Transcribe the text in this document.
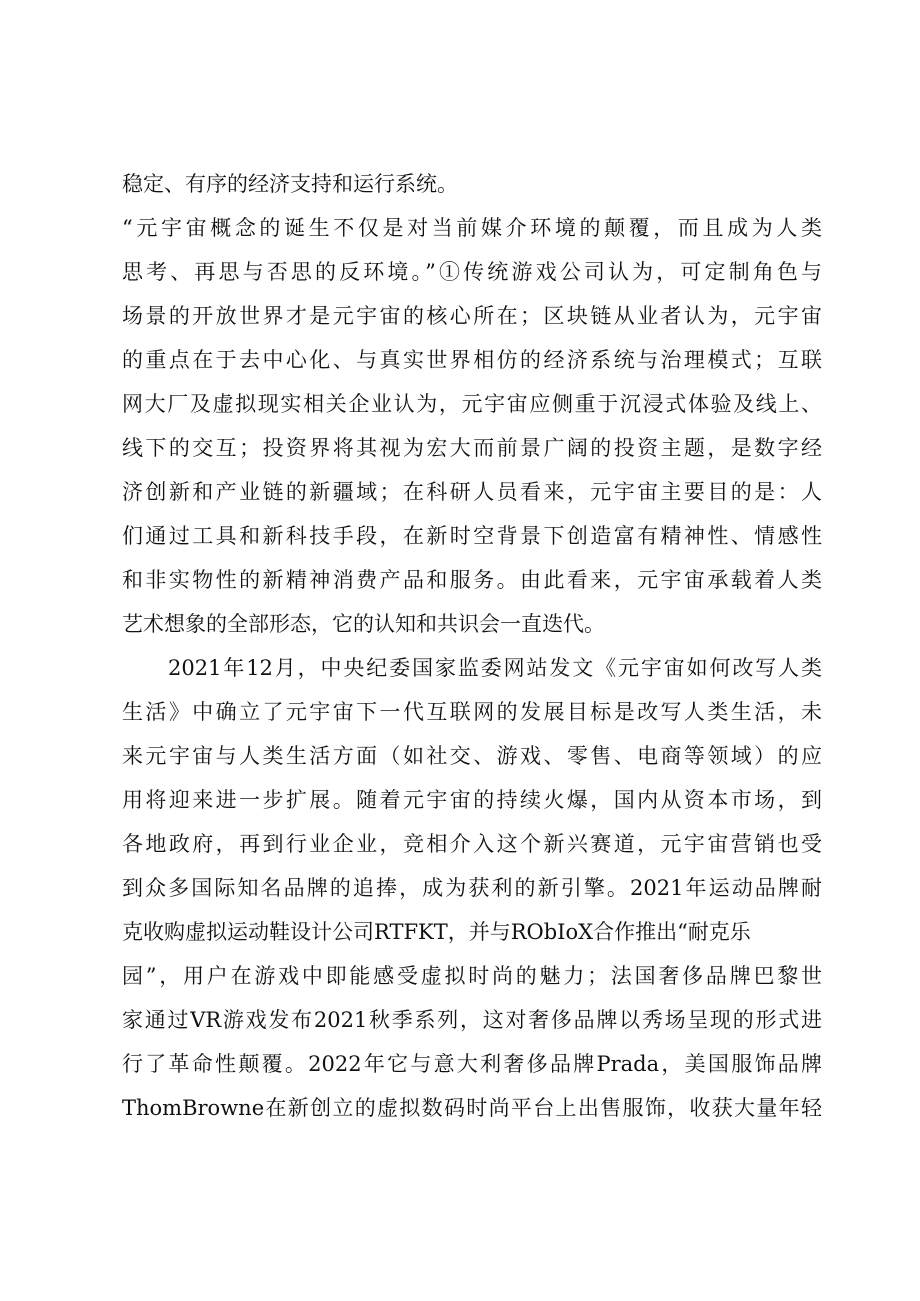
稳定、有序的经济支持和运行系统。
“元宇宙概念的诞生不仅是对当前媒介环境的颠覆，而且成为人类
思考、再思与否思的反环境。”①传统游戏公司认为，可定制角色与
场景的开放世界才是元宇宙的核心所在；区块链从业者认为，元宇宙
的重点在于去中心化、与真实世界相仿的经济系统与治理模式；互联
网大厂及虚拟现实相关企业认为，元宇宙应侧重于沉浸式体验及线上、
线下的交互；投资界将其视为宏大而前景广阔的投资主题，是数字经
济创新和产业链的新疆域；在科研人员看来，元宇宙主要目的是：人
们通过工具和新科技手段，在新时空背景下创造富有精神性、情感性
和非实物性的新精神消费产品和服务。由此看来，元宇宙承载着人类
艺术想象的全部形态，它的认知和共识会一直迭代。
2021年12月，中央纪委国家监委网站发文《元宇宙如何改写人类
生活》中确立了元宇宙下一代互联网的发展目标是改写人类生活，未
来元宇宙与人类生活方面（如社交、游戏、零售、电商等领域）的应
用将迎来进一步扩展。随着元宇宙的持续火爆，国内从资本市场，到
各地政府，再到行业企业，竞相介入这个新兴赛道，元宇宙营销也受
到众多国际知名品牌的追捧，成为获利的新引擎。2021年运动品牌耐
克收购虚拟运动鞋设计公司RTFKT，并与RObIoX合作推出“耐克乐
园”，用户在游戏中即能感受虚拟时尚的魅力；法国奢侈品牌巴黎世
家通过VR游戏发布2021秋季系列，这对奢侈品牌以秀场呈现的形式进
行了革命性颠覆。2022年它与意大利奢侈品牌Prada，美国服饰品牌
ThomBrowne在新创立的虚拟数码时尚平台上出售服饰，收获大量年轻
